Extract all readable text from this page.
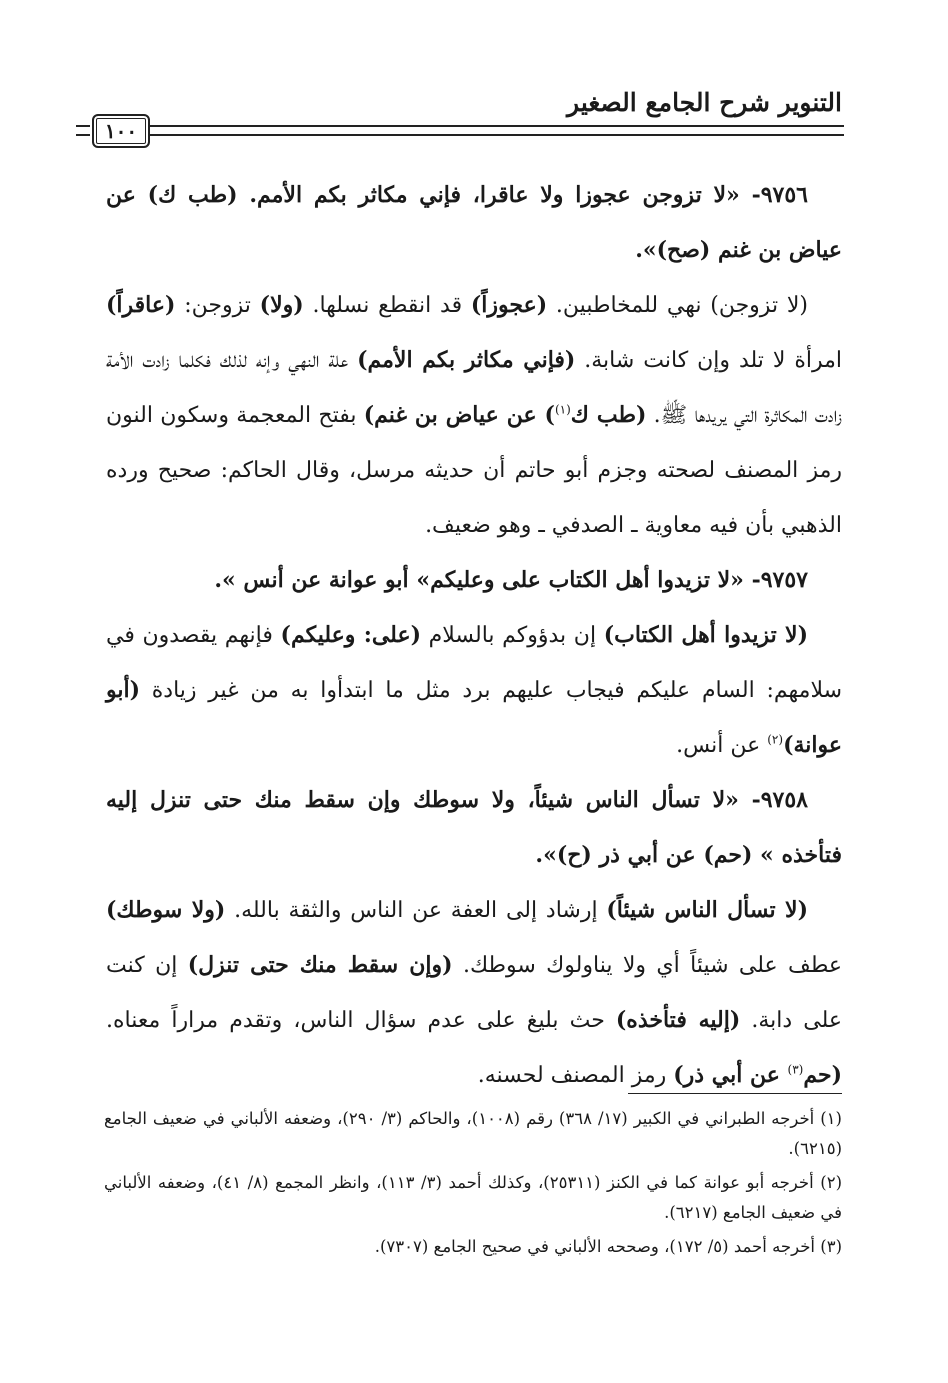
التنوير شرح الجامع الصغير
١٠٠

٩٧٥٦- «لا تزوجن عجوزا ولا عاقرا، فإني مكاثر بكم الأمم. (طب ك) عن عياض بن غنم (صح)».

(لا تزوجن) نهي للمخاطبين. (عجوزاً) قد انقطع نسلها. (ولا) تزوجن: (عاقراً) امرأة لا تلد وإن كانت شابة. (فإني مكاثر بكم الأمم) علة النهي وإنه لذلك فكلما زادت الأمة زادت المكاثرة التي يريدها ﷺ. (طب ك$^{(١)}$) عن عياض بن غنم) بفتح المعجمة وسكون النون رمز المصنف لصحته وجزم أبو حاتم أن حديثه مرسل، وقال الحاكم: صحيح ورده الذهبي بأن فيه معاوية ـ الصدفي ـ وهو ضعيف.

٩٧٥٧- «لا تزيدوا أهل الكتاب على وعليكم» أبو عوانة عن أنس ».

(لا تزيدوا أهل الكتاب) إن بدؤوكم بالسلام (على: وعليكم) فإنهم يقصدون في سلامهم: السام عليكم فيجاب عليهم برد مثل ما ابتدأوا به من غير زيادة (أبو عوانة)$^{(٢)}$ عن أنس.

٩٧٥٨- «لا تسأل الناس شيئاً، ولا سوطك وإن سقط منك حتى تنزل إليه فتأخذه » (حم) عن أبي ذر (ح)».

(لا تسأل الناس شيئاً) إرشاد إلى العفة عن الناس والثقة بالله. (ولا سوطك) عطف على شيئاً أي ولا يناولوك سوطك. (وإن سقط منك حتى تنزل) إن كنت على دابة. (إليه فتأخذه) حث بليغ على عدم سؤال الناس، وتقدم مراراً معناه. (حم$^{(٣)}$ عن أبي ذر) رمز المصنف لحسنه.

(١) أخرجه الطبراني في الكبير (١٧/ ٣٦٨) رقم (١٠٠٨)، والحاكم (٣/ ٢٩٠)، وضعفه الألباني في ضعيف الجامع (٦٢١٥).

(٢) أخرجه أبو عوانة كما في الكنز (٢٥٣١١)، وكذلك أحمد (٣/ ١١٣)، وانظر المجمع (٨/ ٤١)، وضعفه الألباني في ضعيف الجامع (٦٢١٧).

(٣) أخرجه أحمد (٥/ ١٧٢)، وصححه الألباني في صحيح الجامع (٧٣٠٧).
